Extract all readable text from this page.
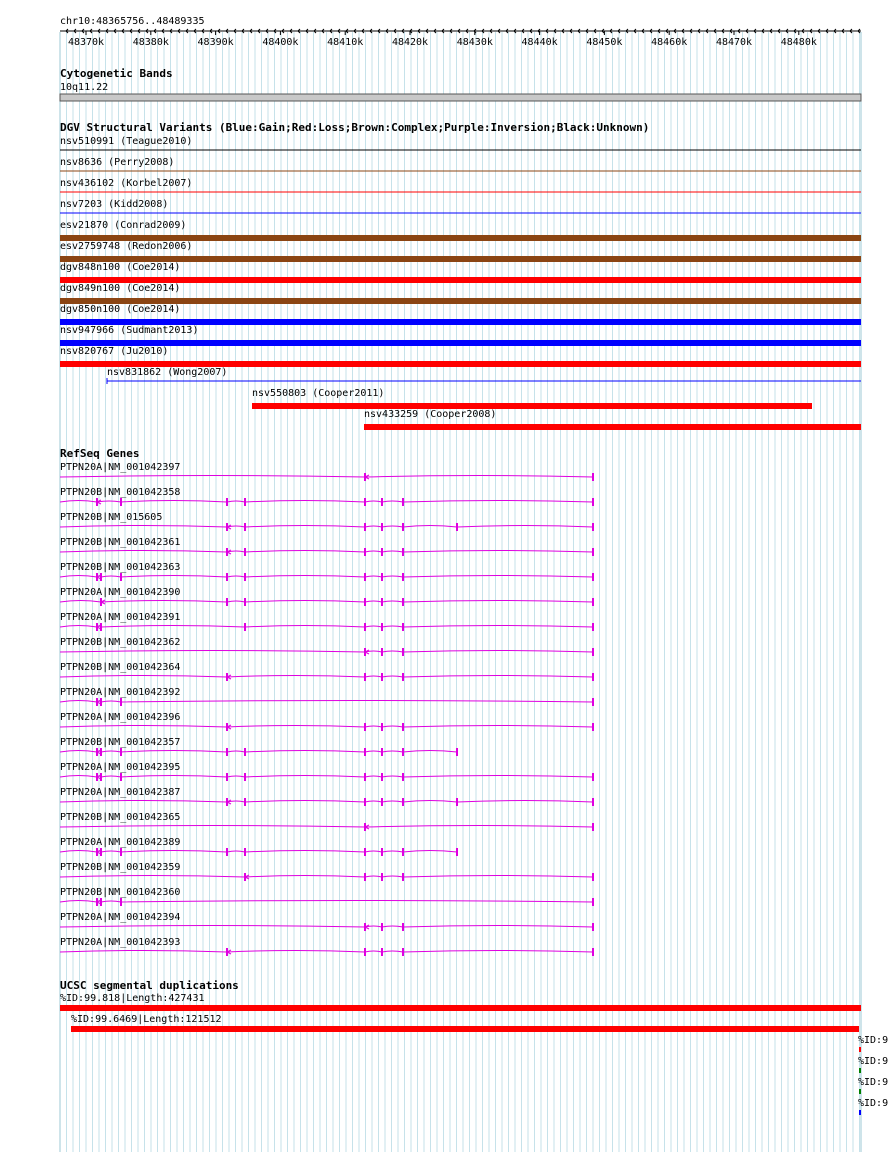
chr10:48365756..48489335
48370k	48380k	48390k	48400k	48410k	48420k	48430k	48440k	48450k	48460k	48470k	48480k
Cytogenetic Bands
10q11.22
DGV Structural Variants (Blue:Gain;Red:Loss;Brown:Complex;Purple:Inversion;Black:Unknown)
nsv510991 (Teague2010)
nsv8636 (Perry2008)
nsv436102 (Korbel2007)
nsv7203 (Kidd2008)
esv21870 (Conrad2009)
esv2759748 (Redon2006)
dgv848n100 (Coe2014)
dgv849n100 (Coe2014)
dgv850n100 (Coe2014)
nsv947966 (Sudmant2013)
nsv820767 (Ju2010)
nsv831862 (Wong2007)
nsv550803 (Cooper2011)
nsv433259 (Cooper2008)
RefSeq Genes
PTPN20A|NM_001042397
PTPN20B|NM_001042358
PTPN20B|NM_015605
PTPN20B|NM_001042361
PTPN20B|NM_001042363
PTPN20A|NM_001042390
PTPN20A|NM_001042391
PTPN20B|NM_001042362
PTPN20B|NM_001042364
PTPN20A|NM_001042392
PTPN20A|NM_001042396
PTPN20B|NM_001042357
PTPN20A|NM_001042395
PTPN20A|NM_001042387
PTPN20B|NM_001042365
PTPN20A|NM_001042389
PTPN20B|NM_001042359
PTPN20B|NM_001042360
PTPN20A|NM_001042394
PTPN20A|NM_001042393
UCSC segmental duplications
%ID:99.818|Length:427431
%ID:99.6469|Length:121512
%ID:9
%ID:9
%ID:9
%ID:9
